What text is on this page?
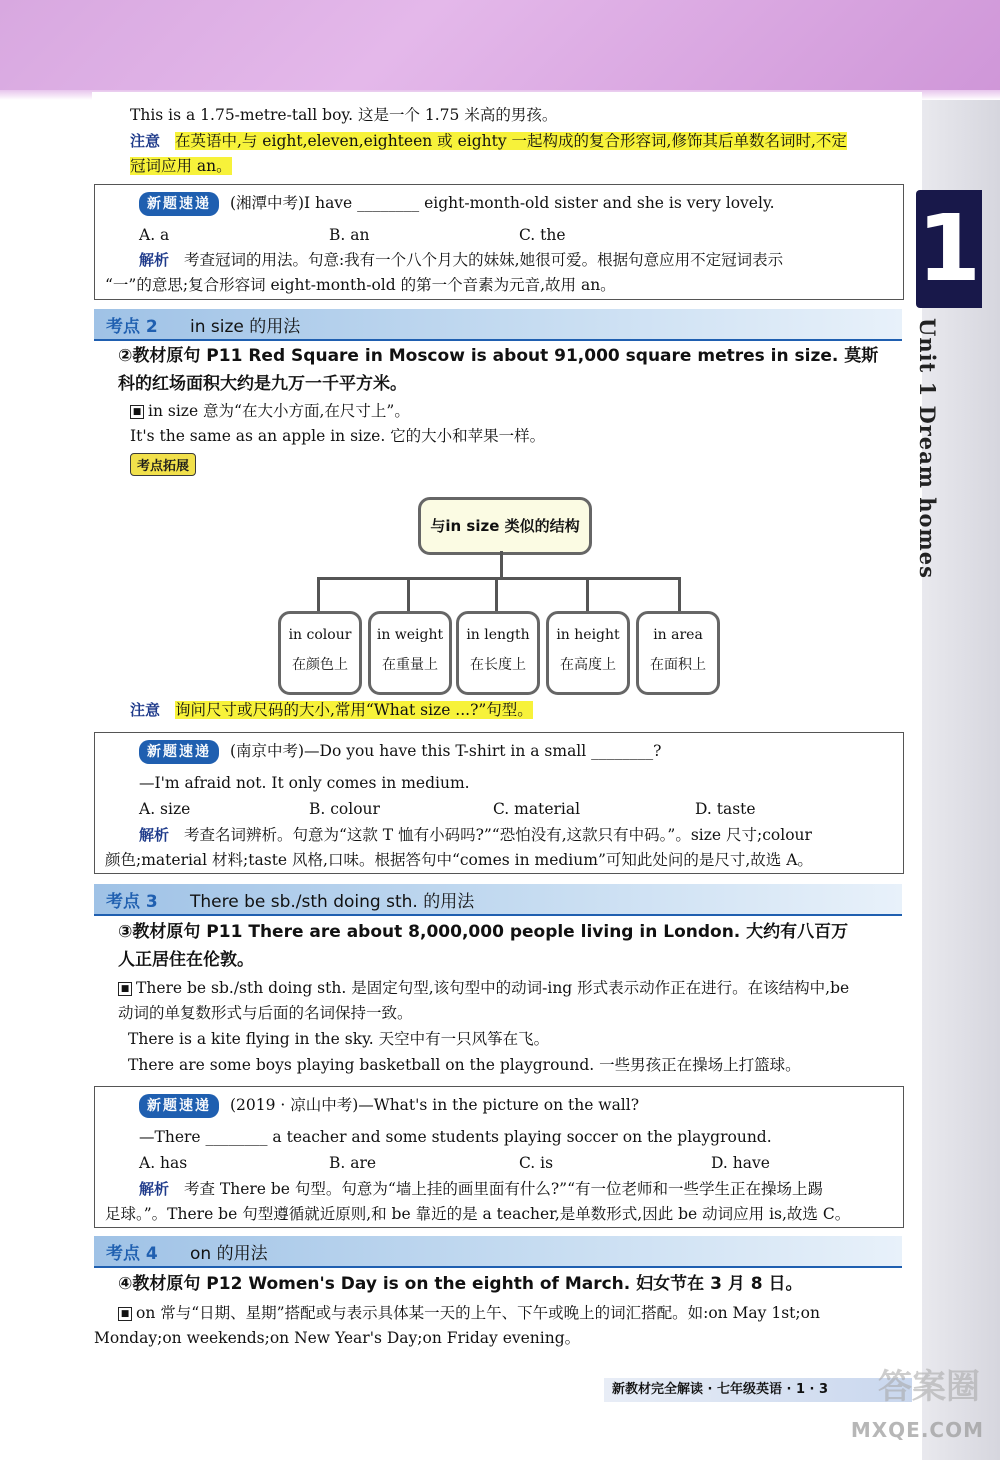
1
Unit 1 Dream homes
This is a 1.75-metre-tall boy. 这是一个 1.75 米高的男孩。
注意 在英语中,与 eight,eleven,eighteen 或 eighty 一起构成的复合形容词,修饰其后单数名词时,不定
冠词应用 an。
新题速递 (湘潭中考)I have ________ eight-month-old sister and she is very lovely.
A. a	B. an	C. the
解析 考查冠词的用法。句意:我有一个八个月大的妹妹,她很可爱。根据句意应用不定冠词表示
“一”的意思;复合形容词 eight-month-old 的第一个音素为元音,故用 an。
考点 2 in size 的用法
②教材原句 P11 Red Square in Moscow is about 91,000 square metres in size. 莫斯
科的红场面积大约是九万一千平方米。
■ in size 意为“在大小方面,在尺寸上”。
It's the same as an apple in size. 它的大小和苹果一样。
考点拓展
与in size 类似的结构
in colour
在颜色上
in weight
在重量上
in length
在长度上
in height
在高度上
in area
在面积上
注意 询问尺寸或尺码的大小,常用“What size ...?”句型。
新题速递 (南京中考)—Do you have this T-shirt in a small ________?
—I'm afraid not. It only comes in medium.
A. size	B. colour	C. material	D. taste
解析 考查名词辨析。句意为“这款 T 恤有小码吗?”“恐怕没有,这款只有中码。”。size 尺寸;colour
颜色;material 材料;taste 风格,口味。根据答句中“comes in medium”可知此处问的是尺寸,故选 A。
考点 3 There be sb./sth doing sth. 的用法
③教材原句 P11 There are about 8,000,000 people living in London. 大约有八百万
人正居住在伦敦。
■ There be sb./sth doing sth. 是固定句型,该句型中的动词-ing 形式表示动作正在进行。在该结构中,be
动词的单复数形式与后面的名词保持一致。
There is a kite flying in the sky. 天空中有一只风筝在飞。
There are some boys playing basketball on the playground. 一些男孩正在操场上打篮球。
新题速递 (2019 · 凉山中考)—What's in the picture on the wall?
—There ________ a teacher and some students playing soccer on the playground.
A. has	B. are	C. is	D. have
解析 考查 There be 句型。句意为“墙上挂的画里面有什么?”“有一位老师和一些学生正在操场上踢
足球。”。There be 句型遵循就近原则,和 be 靠近的是 a teacher,是单数形式,因此 be 动词应用 is,故选 C。
考点 4 on 的用法
④教材原句 P12 Women's Day is on the eighth of March. 妇女节在 3 月 8 日。
■ on 常与“日期、星期”搭配或与表示具体某一天的上午、下午或晚上的词汇搭配。如:on May 1st;on
Monday;on weekends;on New Year's Day;on Friday evening。
新教材完全解读 · 七年级英语 · 1 · 3	答案圈
MXQE.COM
